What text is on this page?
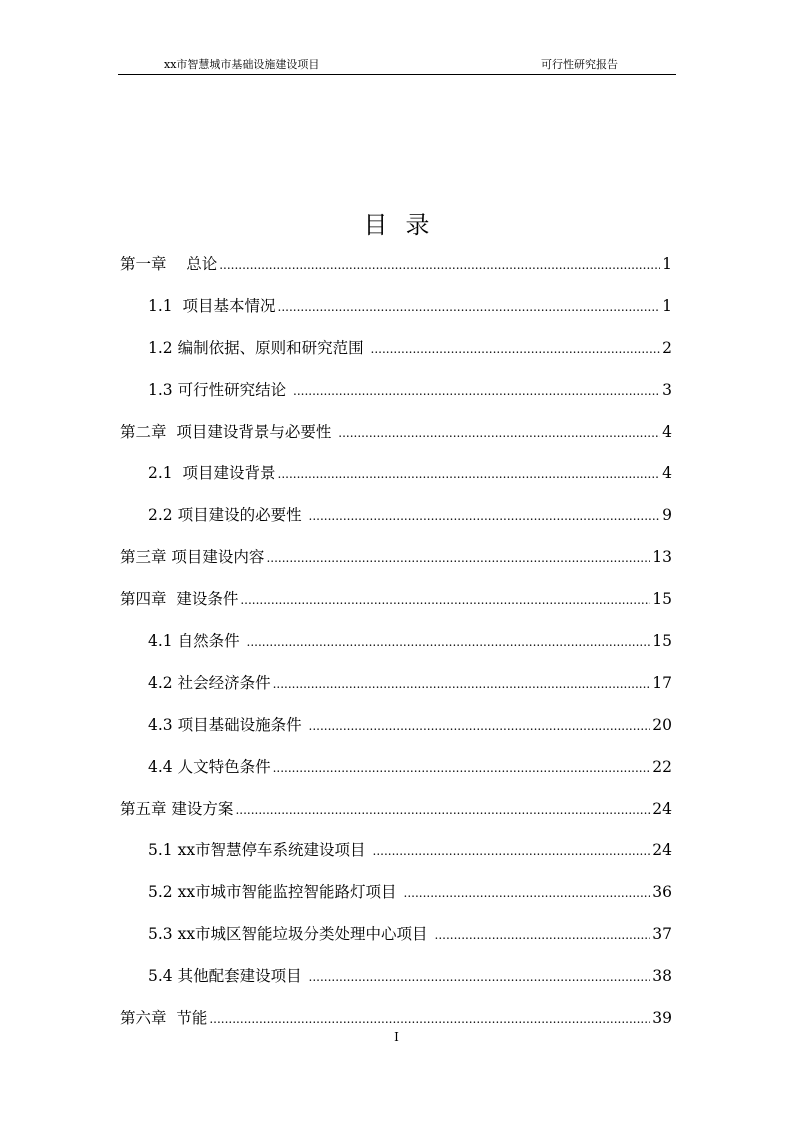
xx市智慧城市基础设施建设项目	可行性研究报告
目录
第一章    总论 .....	1
1.1  项目基本情况 .....	1
1.2 编制依据、原则和研究范围 .....	2
1.3 可行性研究结论 .....	3
第二章  项目建设背景与必要性 .....	4
2.1  项目建设背景 .....	4
2.2 项目建设的必要性 .....	9
第三章 项目建设内容 .....	13
第四章  建设条件 .....	15
4.1 自然条件 .....	15
4.2 社会经济条件 .....	17
4.3 项目基础设施条件 .....	20
4.4 人文特色条件 .....	22
第五章 建设方案 .....	24
5.1 xx市智慧停车系统建设项目 .....	24
5.2 xx市城市智能监控智能路灯项目 .....	36
5.3 xx市城区智能垃圾分类处理中心项目 .....	37
5.4 其他配套建设项目 .....	38
第六章  节能 .....	39
I
